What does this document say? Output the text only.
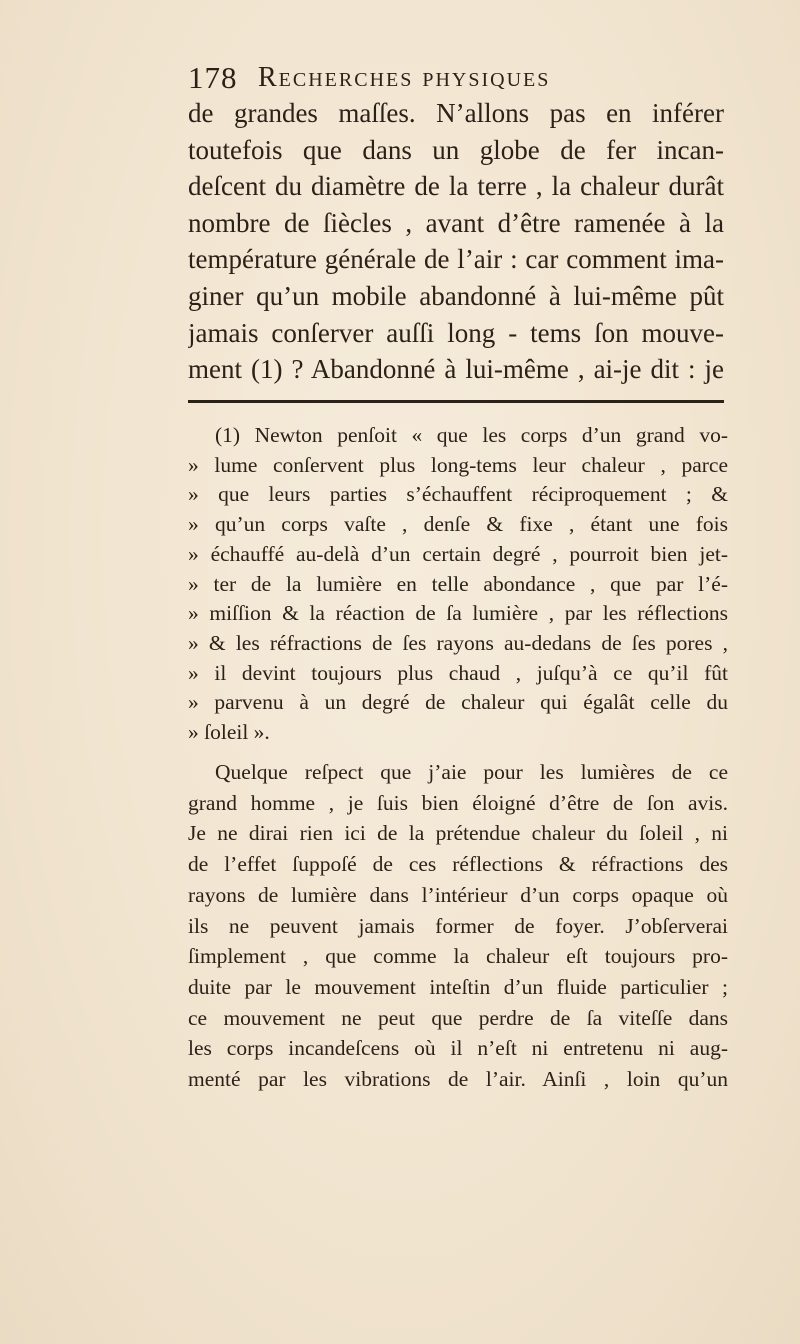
178 Recherches physiques
de grandes maſſes. N’allons pas en inférer
toutefois que dans un globe de fer incan-
deſcent du diamètre de la terre , la chaleur durât
nombre de ſiècles , avant d’être ramenée à la
température générale de l’air : car comment ima-
giner qu’un mobile abandonné à lui-même pût
jamais conſerver auſſi long - tems ſon mouve-
ment (1) ? Abandonné à lui-même , ai-je dit : je
(1) Newton penſoit « que les corps d’un grand vo-
» lume conſervent plus long-tems leur chaleur , parce
» que leurs parties s’échauffent réciproquement ; &
» qu’un corps vaſte , denſe & fixe , étant une fois
» échauffé au-delà d’un certain degré , pourroit bien jet-
» ter de la lumière en telle abondance , que par l’é-
» miſſion & la réaction de ſa lumière , par les réflections
» & les réfractions de ſes rayons au-dedans de ſes pores ,
» il devint toujours plus chaud , juſqu’à ce qu’il fût
» parvenu à un degré de chaleur qui égalât celle du
» ſoleil ».
Quelque reſpect que j’aie pour les lumières de ce
grand homme , je ſuis bien éloigné d’être de ſon avis.
Je ne dirai rien ici de la prétendue chaleur du ſoleil , ni
de l’effet ſuppoſé de ces réflections & réfractions des
rayons de lumière dans l’intérieur d’un corps opaque où
ils ne peuvent jamais former de foyer. J’obſerverai
ſimplement , que comme la chaleur eſt toujours pro-
duite par le mouvement inteſtin d’un fluide particulier ;
ce mouvement ne peut que perdre de ſa viteſſe dans
les corps incandeſcens où il n’eſt ni entretenu ni aug-
menté par les vibrations de l’air. Ainſi , loin qu’un
